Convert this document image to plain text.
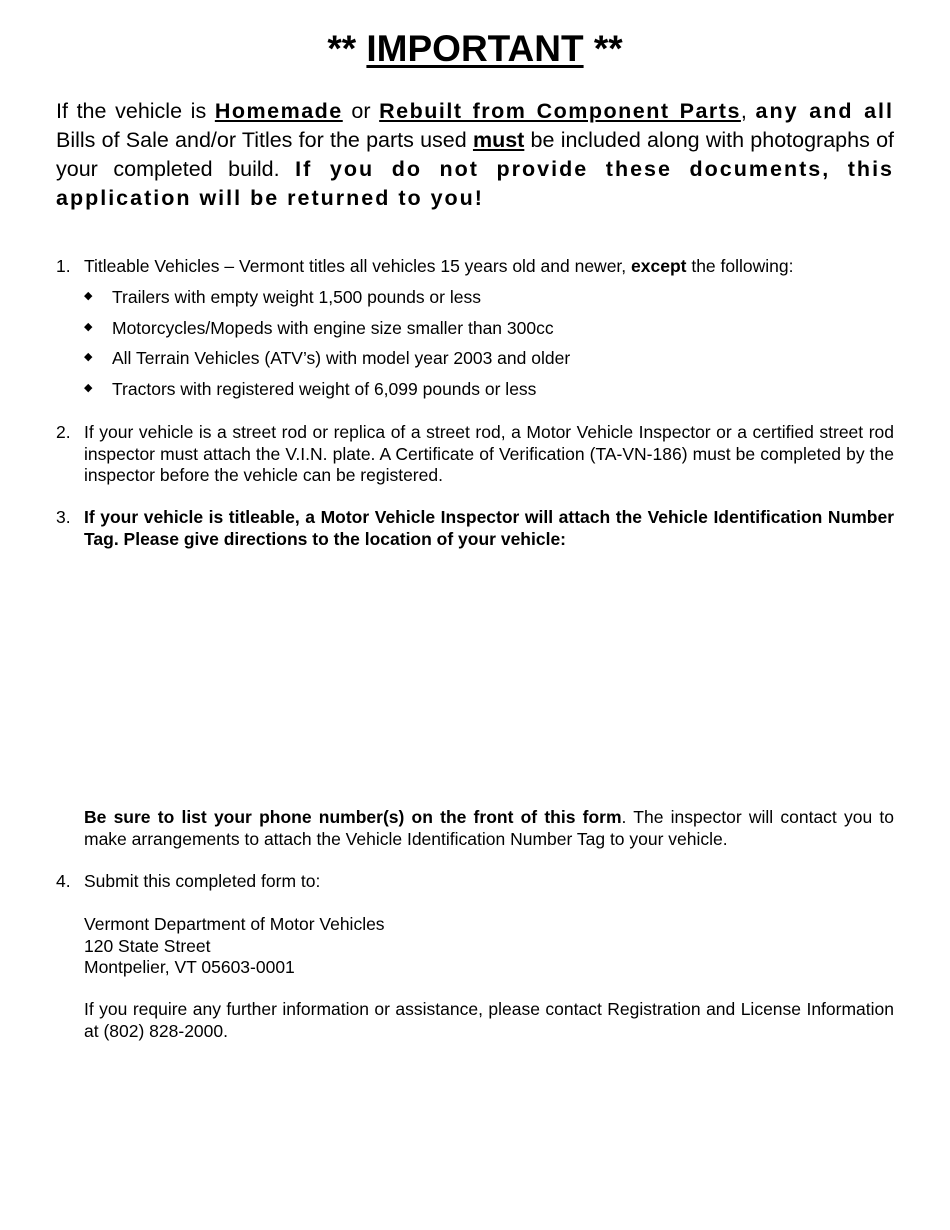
** IMPORTANT **
If the vehicle is Homemade or Rebuilt from Component Parts, any and all Bills of Sale and/or Titles for the parts used must be included along with photographs of your completed build. If you do not provide these documents, this application will be returned to you!
1. Titleable Vehicles – Vermont titles all vehicles 15 years old and newer, except the following:
◆ Trailers with empty weight 1,500 pounds or less
◆ Motorcycles/Mopeds with engine size smaller than 300cc
◆ All Terrain Vehicles (ATV’s) with model year 2003 and older
◆ Tractors with registered weight of 6,099 pounds or less
2. If your vehicle is a street rod or replica of a street rod, a Motor Vehicle Inspector or a certified street rod inspector must attach the V.I.N. plate. A Certificate of Verification (TA-VN-186) must be completed by the inspector before the vehicle can be registered.
3. If your vehicle is titleable, a Motor Vehicle Inspector will attach the Vehicle Identification Number Tag. Please give directions to the location of your vehicle:
Be sure to list your phone number(s) on the front of this form. The inspector will contact you to make arrangements to attach the Vehicle Identification Number Tag to your vehicle.
4. Submit this completed form to:
Vermont Department of Motor Vehicles
120 State Street
Montpelier, VT 05603-0001
If you require any further information or assistance, please contact Registration and License Information at (802) 828-2000.
